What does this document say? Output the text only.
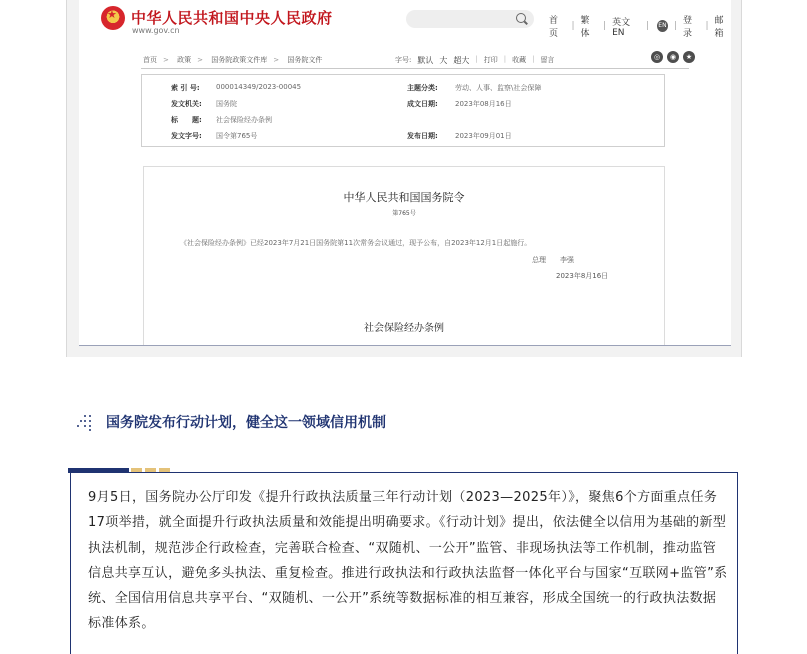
★
中华人民共和国中央人民政府
www.gov.cn
首页
| 繁体
| 英文EN
| EN | 登录
| 邮箱
首页 > 政策 > 国务院政策文件库 > 国务院文件	字号: 默认 大 超大 | 打印 | 收藏 | 留言	◎	◉	★
索 引 号: 000014349/2023-00045	主题分类: 劳动、人事、监察\社会保障
发文机关: 国务院	成文日期: 2023年08月16日
标　　题: 社会保险经办条例
发文字号: 国令第765号	发布日期: 2023年09月01日
中华人民共和国国务院令
第765号
《社会保险经办条例》已经2023年7月21日国务院第11次常务会议通过，现予公布，自2023年12月1日起施行。
总理　　李强
2023年8月16日
社会保险经办条例
国务院发布行动计划，健全这一领域信用机制
9月5日，国务院办公厅印发《提升行政执法质量三年行动计划（2023—2025年）》，聚焦6个方面重点任务17项举措，就全面提升行政执法质量和效能提出明确要求。《行动计划》提出，依法健全以信用为基础的新型执法机制，规范涉企行政检查，完善联合检查、“双随机、一公开”监管、非现场执法等工作机制，推动监管信息共享互认，避免多头执法、重复检查。推进行政执法和行政执法监督一体化平台与国家“互联网+监管”系统、全国信用信息共享平台、“双随机、一公开”系统等数据标准的相互兼容，形成全国统一的行政执法数据标准体系。
